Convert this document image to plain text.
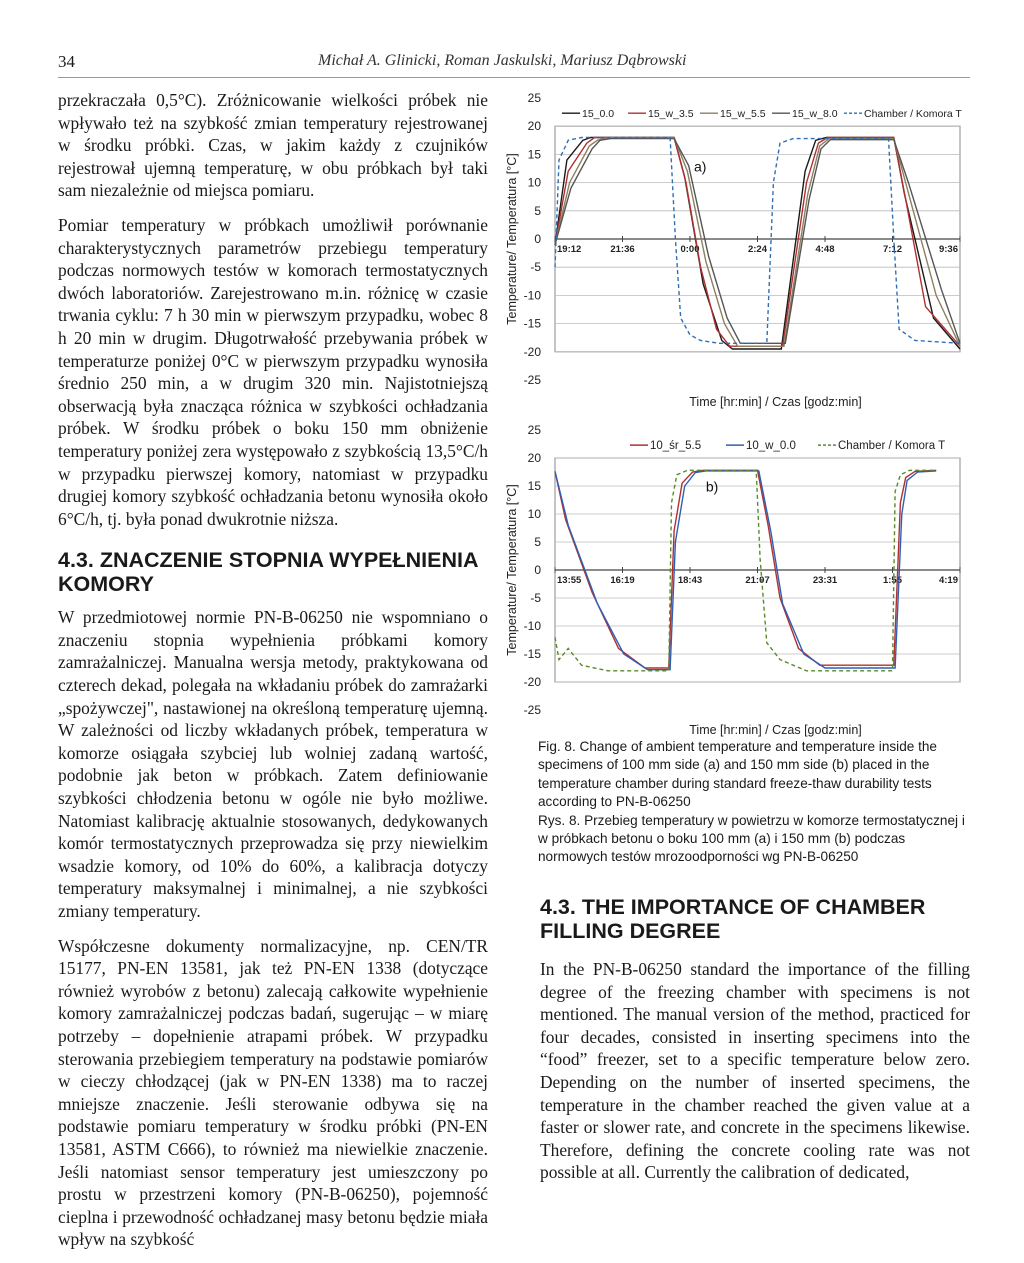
34	Michał A. Glinicki, Roman Jaskulski, Mariusz Dąbrowski

przekraczała 0,5°C). Zróżnicowanie wielkości próbek nie wpływało też na szybkość zmian temperatury rejestrowanej w środku próbki. Czas, w jakim każdy z czujników rejestrował ujemną temperaturę, w obu próbkach był taki sam niezależnie od miejsca pomiaru.

Pomiar temperatury w próbkach umożliwił porównanie charakterystycznych parametrów przebiegu temperatury podczas normowych testów w komorach termostatycznych dwóch laboratoriów. Zarejestrowano m.in. różnicę w czasie trwania cyklu: 7 h 30 min w pierwszym przypadku, wobec 8 h 20 min w drugim. Długotrwałość przebywania próbek w temperaturze poniżej 0°C w pierwszym przypadku wynosiła średnio 250 min, a w drugim 320 min. Najistotniejszą obserwacją była znacząca różnica w szybkości ochładzania próbek. W środku próbek o boku 150 mm obniżenie temperatury poniżej zera występowało z szybkością 13,5°C/h w przypadku pierwszej komory, natomiast w przypadku drugiej komory szybkość ochładzania betonu wynosiła około 6°C/h, tj. była ponad dwukrotnie niższa.

4.3. ZNACZENIE STOPNIA WYPEŁNIENIA KOMORY

W przedmiotowej normie PN-B-06250 nie wspomniano o znaczeniu stopnia wypełnienia próbkami komory zamrażalniczej. Manualna wersja metody, praktykowana od czterech dekad, polegała na wkładaniu próbek do zamrażarki „spożywczej", nastawionej na określoną temperaturę ujemną. W zależności od liczby wkładanych próbek, temperatura w komorze osiągała szybciej lub wolniej zadaną wartość, podobnie jak beton w próbkach. Zatem definiowanie szybkości chłodzenia betonu w ogóle nie było możliwe. Natomiast kalibrację aktualnie stosowanych, dedykowanych komór termostatycznych przeprowadza się przy niewielkim wsadzie komory, od 10% do 60%, a kalibracja dotyczy temperatury maksymalnej i minimalnej, a nie szybkości zmiany temperatury.

Współczesne dokumenty normalizacyjne, np. CEN/TR 15177, PN-EN 13581, jak też PN-EN 1338 (dotyczące również wyrobów z betonu) zalecają całkowite wypełnienie komory zamrażalniczej podczas badań, sugerując – w miarę potrzeby – dopełnienie atrapami próbek. W przypadku sterowania przebiegiem temperatury na podstawie pomiarów w cieczy chłodzącej (jak w PN-EN 1338) ma to raczej mniejsze znaczenie. Jeśli sterowanie odbywa się na podstawie pomiaru temperatury w środku próbki (PN-EN 13581, ASTM C666), to również ma niewielkie znaczenie. Jeśli natomiast sensor temperatury jest umieszczony po prostu w przestrzeni komory (PN-B-06250), pojemność cieplna i przewodność ochładzanej masy betonu będzie miała wpływ na szybkość

25
20
15
10
5
0
-5
-10
-15
-20
-25
19:12	21:36	0:00	2:24	4:48	7:12	9:36
Temperature/ Temperatura [°C]
Time [hr:min] / Czas [godz:min]
a)
15_0.0	15_w_3.5	15_w_5.5	15_w_8.0	Chamber / Komora T
25
20
15
10
5
0
-5
-10
-15
-20
-25
13:55	16:19	18:43	21:07	23:31	1:55	4:19
Temperature/ Temperatura [°C]
Time [hr:min] / Czas [godz:min]
b)
10_śr_5.5	10_w_0.0	Chamber / Komora T

Fig. 8. Change of ambient temperature and temperature inside the specimens of 100 mm side (a) and 150 mm side (b) placed in the temperature chamber during standard freeze-thaw durability tests according to PN-B-06250

Rys. 8. Przebieg temperatury w powietrzu w komorze termostatycznej i w próbkach betonu o boku 100 mm (a) i 150 mm (b) podczas normowych testów mrozoodporności wg PN-B-06250

4.3. THE IMPORTANCE OF CHAMBER FILLING DEGREE

In the PN-B-06250 standard the importance of the filling degree of the freezing chamber with specimens is not mentioned. The manual version of the method, practiced for four decades, consisted in inserting specimens into the “food” freezer, set to a specific temperature below zero. Depending on the number of inserted specimens, the temperature in the chamber reached the given value at a faster or slower rate, and concrete in the specimens likewise. Therefore, defining the concrete cooling rate was not possible at all. Currently the calibration of dedicated,
